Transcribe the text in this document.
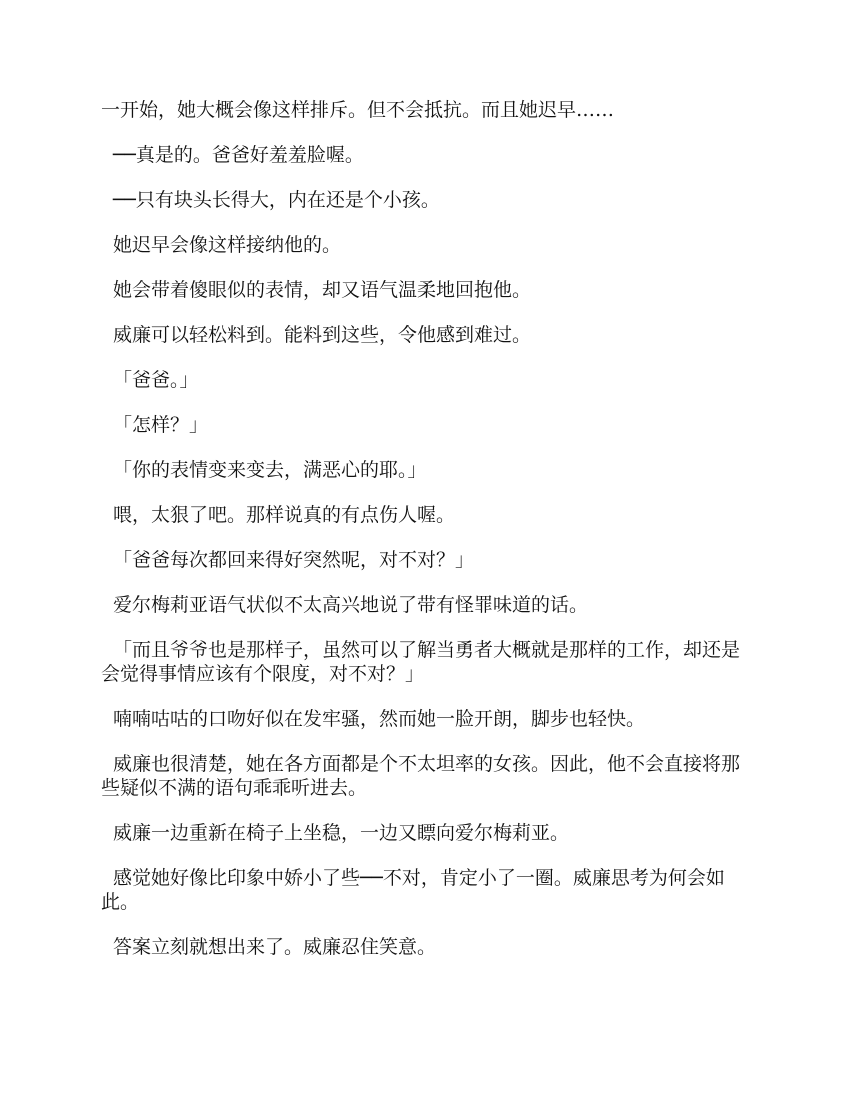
一开始，她大概会像这样排斥。但不会抵抗。而且她迟早……

──真是的。爸爸好羞羞脸喔。

──只有块头长得大，内在还是个小孩。

她迟早会像这样接纳他的。

她会带着傻眼似的表情，却又语气温柔地回抱他。

威廉可以轻松料到。能料到这些，令他感到难过。

「爸爸。」

「怎样？」

「你的表情变来变去，满恶心的耶。」

喂，太狠了吧。那样说真的有点伤人喔。

「爸爸每次都回来得好突然呢，对不对？」

爱尔梅莉亚语气状似不太高兴地说了带有怪罪味道的话。

「而且爷爷也是那样子，虽然可以了解当勇者大概就是那样的工作，却还是会觉得事情应该有个限度，对不对？」

喃喃咕咕的口吻好似在发牢骚，然而她一脸开朗，脚步也轻快。

威廉也很清楚，她在各方面都是个不太坦率的女孩。因此，他不会直接将那些疑似不满的语句乖乖听进去。

威廉一边重新在椅子上坐稳，一边又瞟向爱尔梅莉亚。

感觉她好像比印象中娇小了些──不对，肯定小了一圈。威廉思考为何会如此。

答案立刻就想出来了。威廉忍住笑意。
